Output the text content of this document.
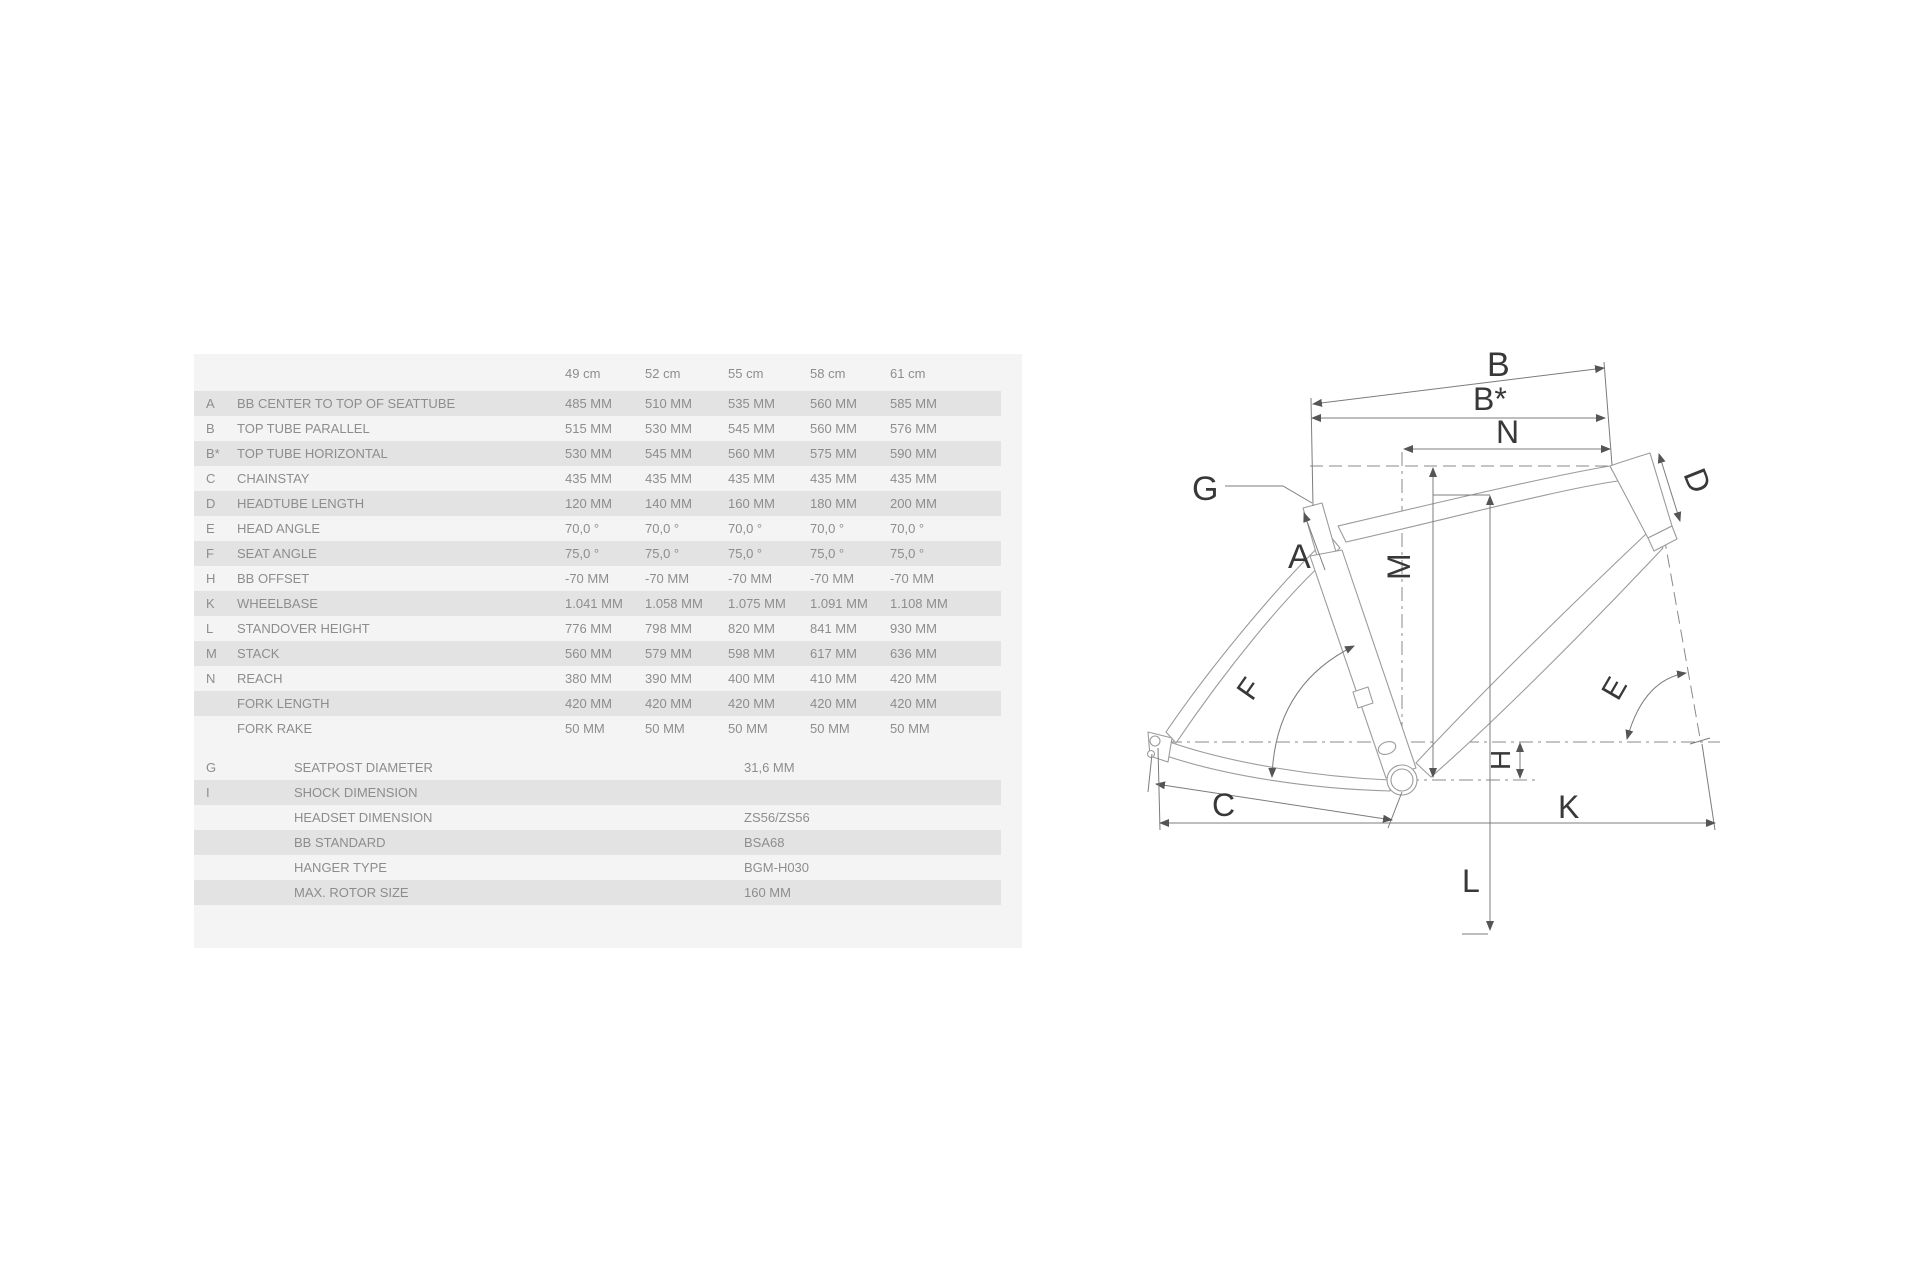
49 cm	52 cm	55 cm	58 cm	61 cm
A	BB CENTER TO TOP OF SEATTUBE	485 MM	510 MM	535 MM	560 MM	585 MM
B	TOP TUBE PARALLEL	515 MM	530 MM	545 MM	560 MM	576 MM
B*	TOP TUBE HORIZONTAL	530 MM	545 MM	560 MM	575 MM	590 MM
C	CHAINSTAY	435 MM	435 MM	435 MM	435 MM	435 MM
D	HEADTUBE LENGTH	120 MM	140 MM	160 MM	180 MM	200 MM
E	HEAD ANGLE	70,0 °	70,0 °	70,0 °	70,0 °	70,0 °
F	SEAT ANGLE	75,0 °	75,0 °	75,0 °	75,0 °	75,0 °
H	BB OFFSET	-70 MM	-70 MM	-70 MM	-70 MM	-70 MM
K	WHEELBASE	1.041 MM 1.058 MM 1.075 MM 1.091 MM 1.108 MM
L	STANDOVER HEIGHT	776 MM	798 MM	820 MM	841 MM	930 MM
M	STACK	560 MM	579 MM	598 MM	617 MM	636 MM
N	REACH	380 MM	390 MM	400 MM	410 MM	420 MM
FORK LENGTH	420 MM	420 MM	420 MM	420 MM	420 MM
FORK RAKE	50 MM	50 MM	50 MM	50 MM	50 MM
G	SEATPOST DIAMETER	31,6 MM
I	SHOCK DIMENSION
HEADSET DIMENSION	ZS56/ZS56
BB STANDARD	BSA68
HANGER TYPE	BGM-H030
MAX. ROTOR SIZE	160 MM
B
B*
N
G
A
D
M
F	E
H
C	K
L
